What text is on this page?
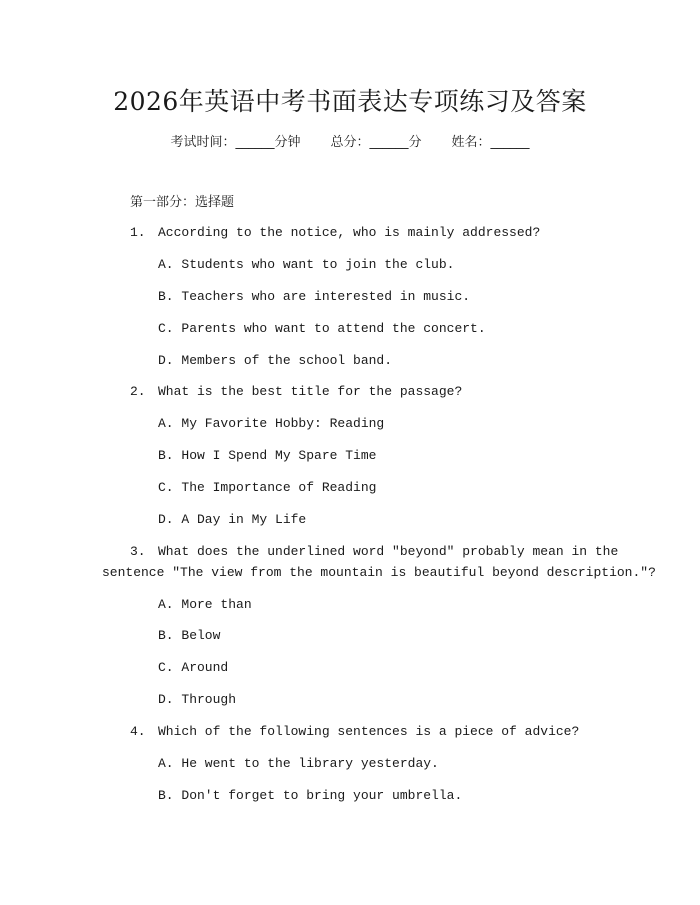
2026年英语中考书面表达专项练习及答案
考试时间：______分钟 总分：______分 姓名：______
第一部分：选择题
1. According to the notice, who is mainly addressed?
A. Students who want to join the club.
B. Teachers who are interested in music.
C. Parents who want to attend the concert.
D. Members of the school band.
2. What is the best title for the passage?
A. My Favorite Hobby: Reading
B. How I Spend My Spare Time
C. The Importance of Reading
D. A Day in My Life
3. What does the underlined word "beyond" probably mean in the
sentence "The view from the mountain is beautiful beyond description."?
A. More than
B. Below
C. Around
D. Through
4. Which of the following sentences is a piece of advice?
A. He went to the library yesterday.
B. Don't forget to bring your umbrella.
